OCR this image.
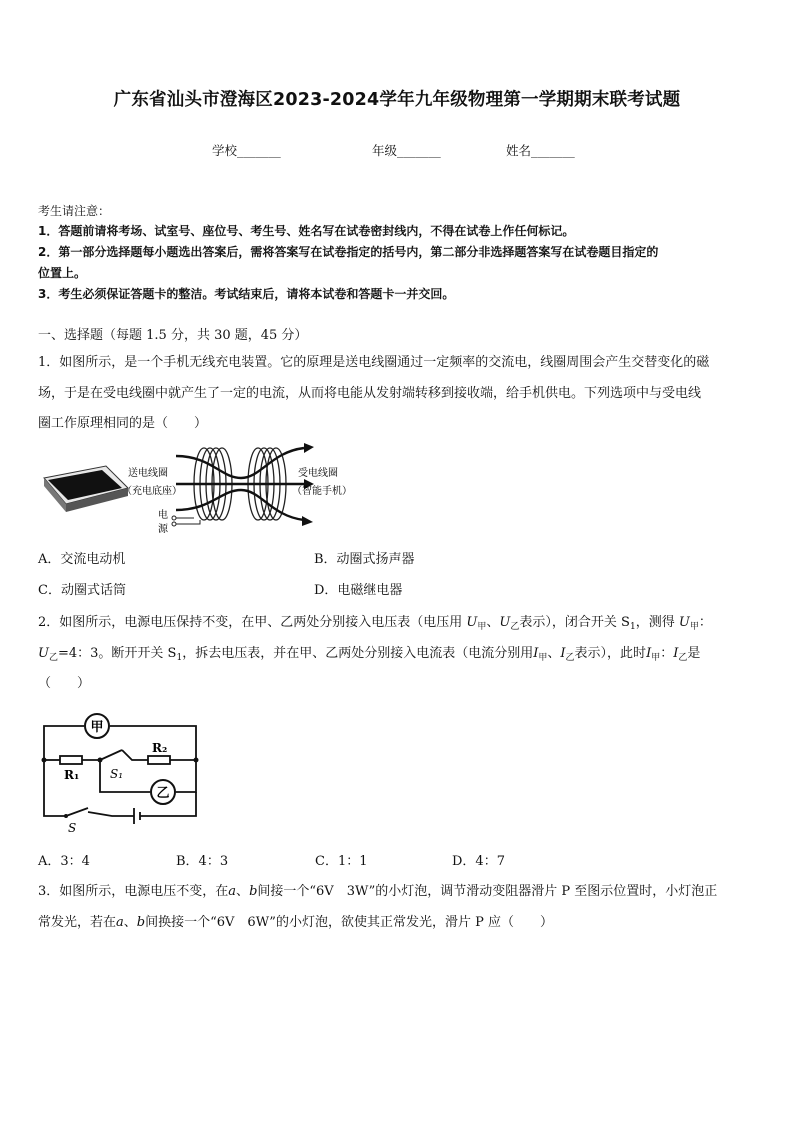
广东省汕头市澄海区2023-2024学年九年级物理第一学期期末联考试题
学校_______	年级_______	姓名_______
考生请注意：
1．答题前请将考场、试室号、座位号、考生号、姓名写在试卷密封线内，不得在试卷上作任何标记。
2．第一部分选择题每小题选出答案后，需将答案写在试卷指定的括号内，第二部分非选择题答案写在试卷题目指定的
位置上。
3．考生必须保证答题卡的整洁。考试结束后，请将本试卷和答题卡一并交回。
一、选择题（每题 1.5 分，共 30 题，45 分）
1．如图所示，是一个手机无线充电装置。它的原理是送电线圈通过一定频率的交流电，线圈周围会产生交替变化的磁
场，于是在受电线圈中就产生了一定的电流，从而将电能从发射端转移到接收端，给手机供电。下列选项中与受电线
圈工作原理相同的是（　　）
送电线圈
（充电底座）
受电线圈
（智能手机）
电
源
A．交流电动机	B．动圈式扬声器
C．动圈式话筒	D．电磁继电器
2．如图所示，电源电压保持不变，在甲、乙两处分别接入电压表（电压用 $U_甲$、$U_乙$表示），闭合开关 $S_1$，测得 $U_甲$：
$U_乙=4$：3。断开开关 $S_1$，拆去电压表，并在甲、乙两处分别接入电流表（电流分别用$I_甲$、$I_乙$表示），此时$I_甲$：$I_乙$是
（　　）
甲
乙
R₁
R₂
S₁
S
A．3：4	B．4：3	C．1：1	D．4：7
3．如图所示，电源电压不变，在a、b间接一个“6V　3W”的小灯泡，调节滑动变阻器滑片 P 至图示位置时，小灯泡正
常发光，若在a、b间换接一个“6V　6W”的小灯泡，欲使其正常发光，滑片 P 应（　　）
